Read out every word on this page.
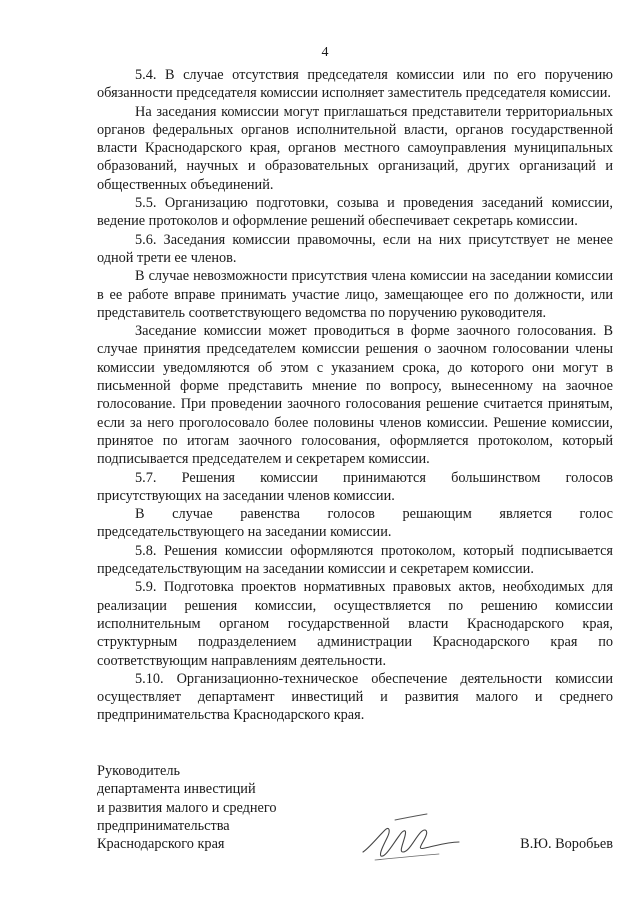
4

5.4. В случае отсутствия председателя комиссии или по его поручению обязанности председателя комиссии исполняет заместитель председателя комиссии.

На заседания комиссии могут приглашаться представители территориальных органов федеральных органов исполнительной власти, органов государственной власти Краснодарского края, органов местного самоуправления муниципальных образований, научных и образовательных организаций, других организаций и общественных объединений.

5.5. Организацию подготовки, созыва и проведения заседаний комиссии, ведение протоколов и оформление решений обеспечивает секретарь комиссии.

5.6. Заседания комиссии правомочны, если на них присутствует не менее одной трети ее членов.

В случае невозможности присутствия члена комиссии на заседании комиссии в ее работе вправе принимать участие лицо, замещающее его по должности, или представитель соответствующего ведомства по поручению руководителя.

Заседание комиссии может проводиться в форме заочного голосования. В случае принятия председателем комиссии решения о заочном голосовании члены комиссии уведомляются об этом с указанием срока, до которого они могут в письменной форме представить мнение по вопросу, вынесенному на заочное голосование. При проведении заочного голосования решение считается принятым, если за него проголосовало более половины членов комиссии. Решение комиссии, принятое по итогам заочного голосования, оформляется протоколом, который подписывается председателем и секретарем комиссии.

5.7. Решения комиссии принимаются большинством голосов присутствующих на заседании членов комиссии.

В случае равенства голосов решающим является голос председательствующего на заседании комиссии.

5.8. Решения комиссии оформляются протоколом, который подписывается председательствующим на заседании комиссии и секретарем комиссии.

5.9. Подготовка проектов нормативных правовых актов, необходимых для реализации решения комиссии, осуществляется по решению комиссии исполнительным органом государственной власти Краснодарского края, структурным подразделением администрации Краснодарского края по соответствующим направлениям деятельности.

5.10. Организационно-техническое обеспечение деятельности комиссии осуществляет департамент инвестиций и развития малого и среднего предпринимательства Краснодарского края.

Руководитель
департамента инвестиций
и развития малого и среднего
предпринимательства
Краснодарского края	В.Ю. Воробьев
